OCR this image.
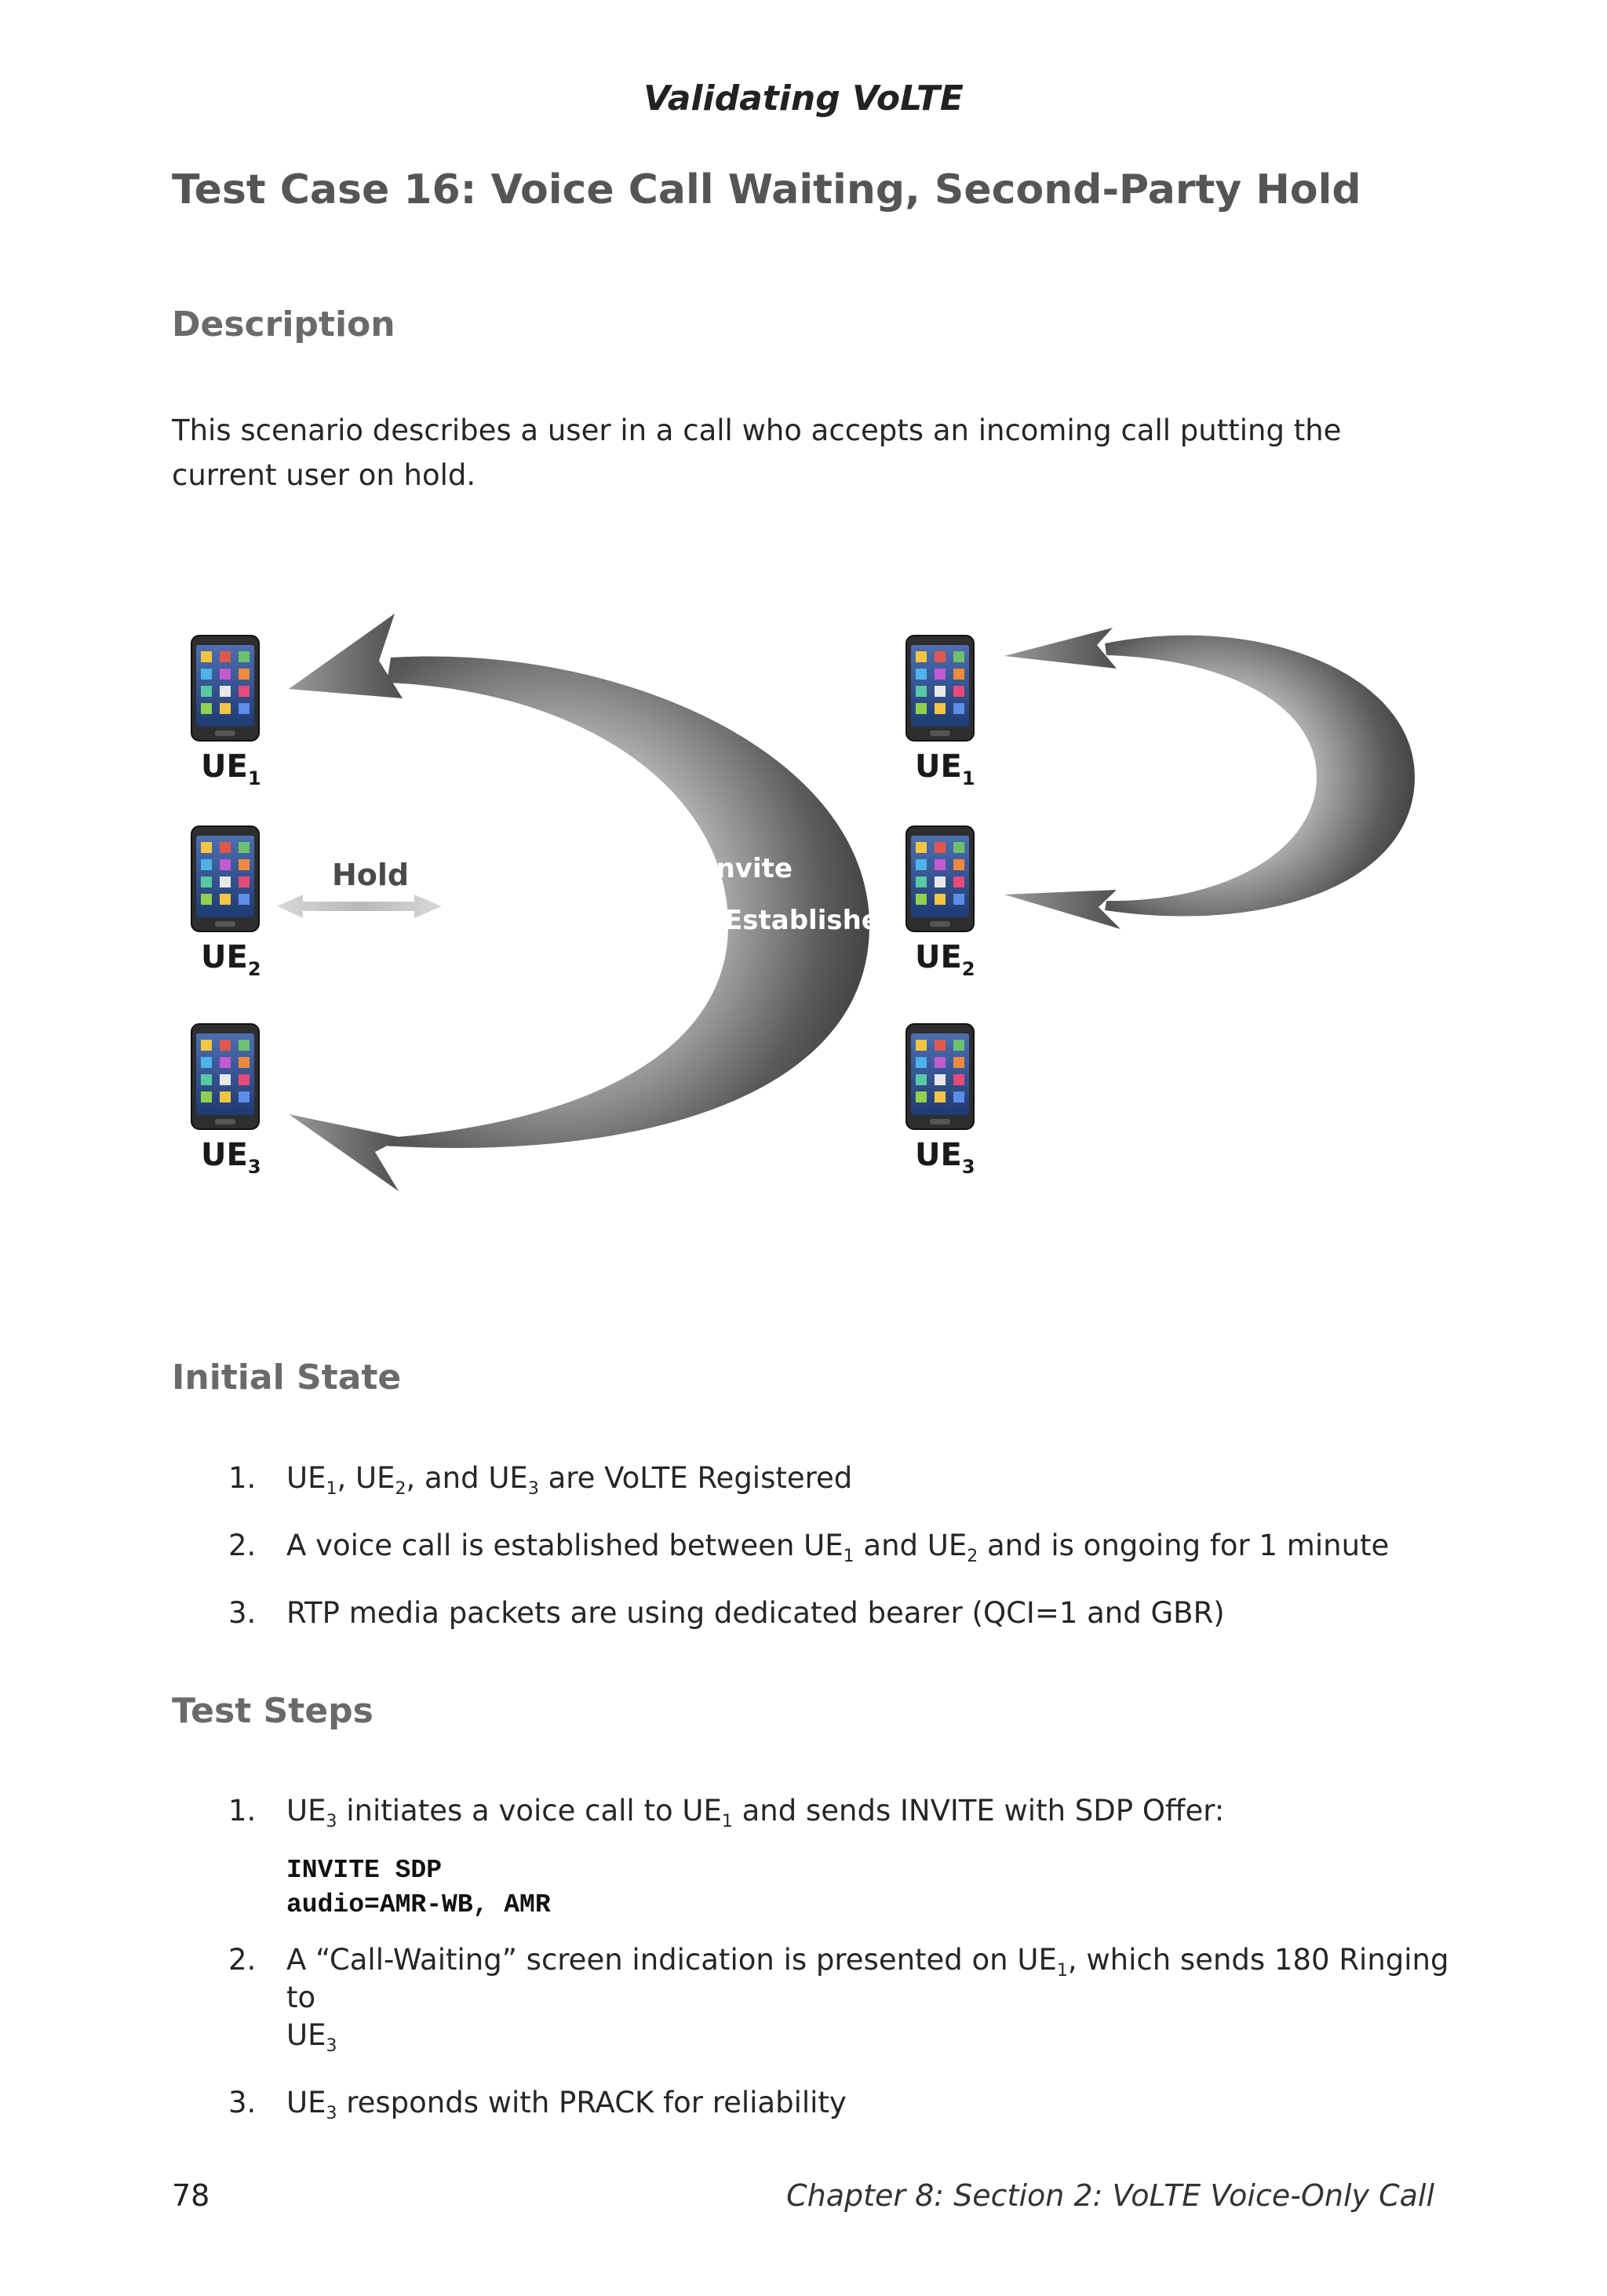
Validating VoLTE
Test Case 16: Voice Call Waiting, Second-Party Hold
Description

This scenario describes a user in a call who accepts an incoming call putting the current user on hold.

Hold	Rx Invite
Call Established
$UE_1$
$UE_2$
$UE_3$
$UE_1$
$UE_2$
$UE_3$
Initial State
1. $UE_1$, $UE_2$, and $UE_3$ are VoLTE Registered
2. A voice call is established between $UE_1$ and $UE_2$ and is ongoing for 1 minute
3. RTP media packets are using dedicated bearer (QCI=1 and GBR)
Test Steps
1. $UE_3$ initiates a voice call to $UE_1$ and sends INVITE with SDP Offer:
INVITE SDP
audio=AMR-WB, AMR
2. A “Call-Waiting” screen indication is presented on $UE_1$, which sends 180 Ringing to
$UE_3$
3. $UE_3$ responds with PRACK for reliability
78	Chapter 8: Section 2: VoLTE Voice-Only Call
